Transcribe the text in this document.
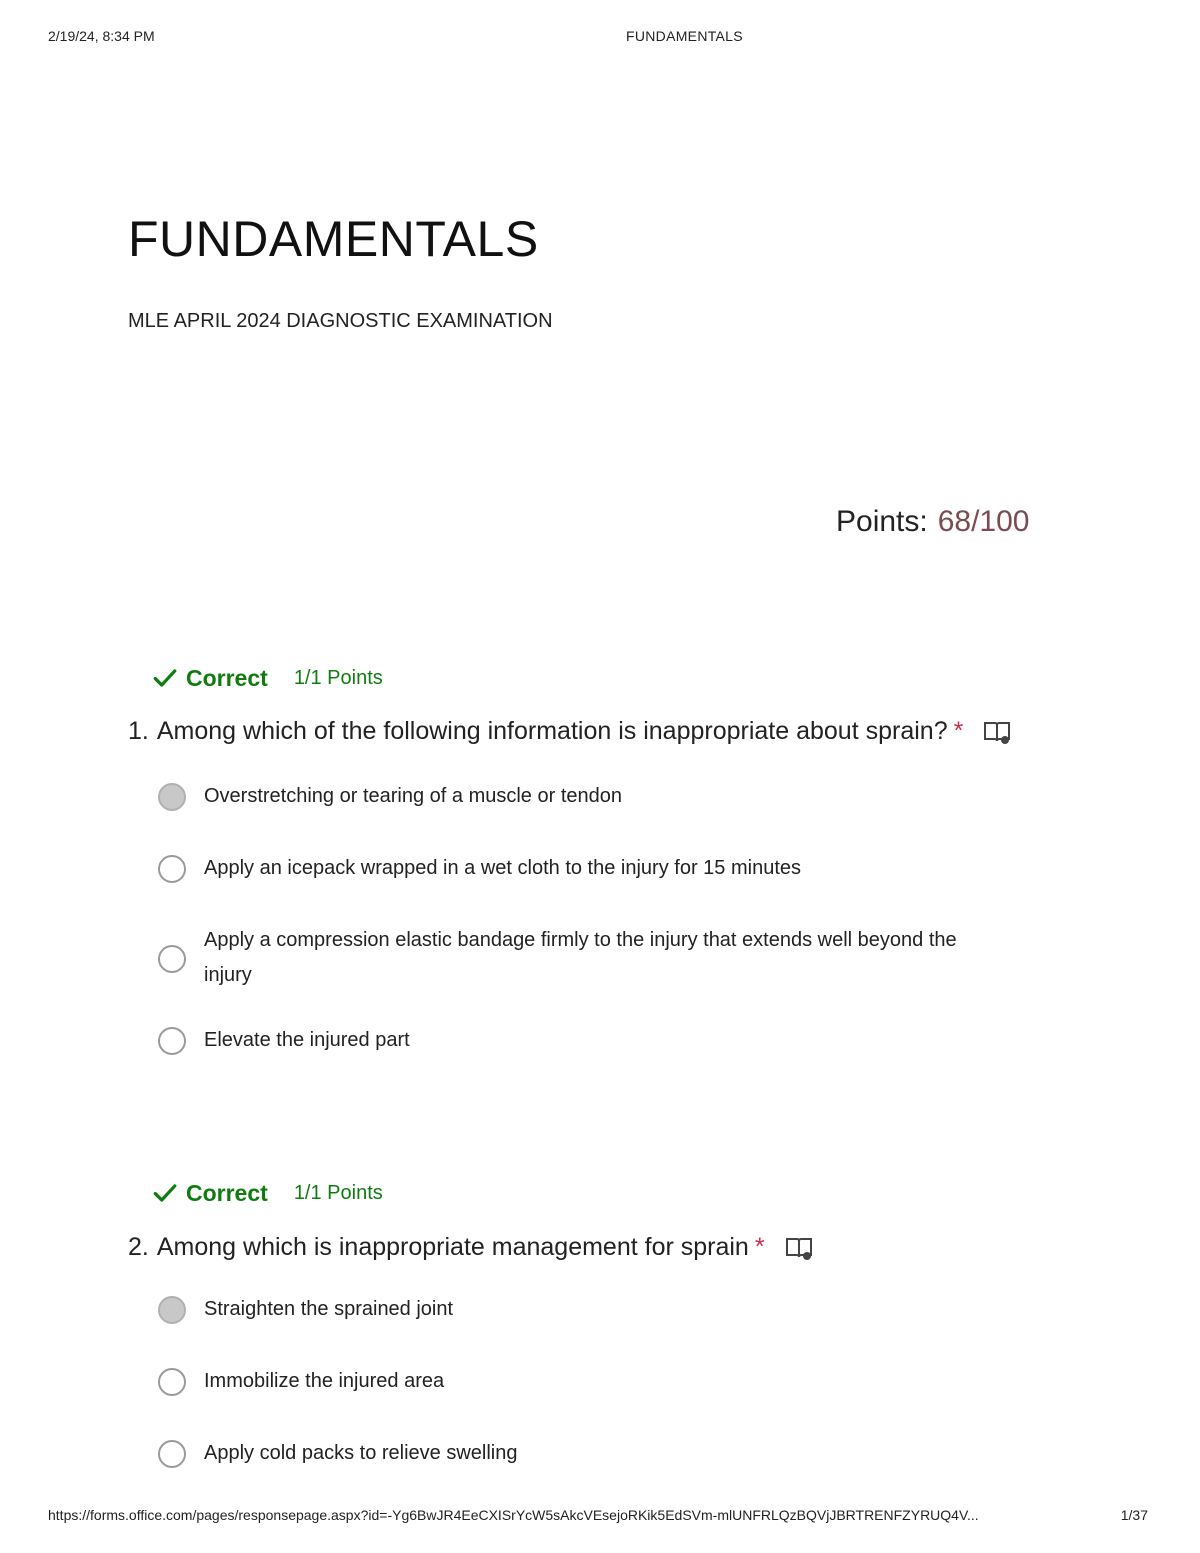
2/19/24, 8:34 PM	FUNDAMENTALS
FUNDAMENTALS

MLE APRIL 2024 DIAGNOSTIC EXAMINATION

Points: 68/100
Correct 1/1 Points
1. Among which of the following information is inappropriate about sprain? *
Overstretching or tearing of a muscle or tendon
Apply an icepack wrapped in a wet cloth to the injury for 15 minutes
Apply a compression elastic bandage firmly to the injury that extends well beyond the injury
Elevate the injured part
Correct 1/1 Points
2. Among which is inappropriate management for sprain *
Straighten the sprained joint
Immobilize the injured area
Apply cold packs to relieve swelling
https://forms.office.com/pages/responsepage.aspx?id=-Yg6BwJR4EeCXISrYcW5sAkcVEsejoRKik5EdSVm-mlUNFRLQzBQVjJBRTRENFZYRUQ4V...	1/37
